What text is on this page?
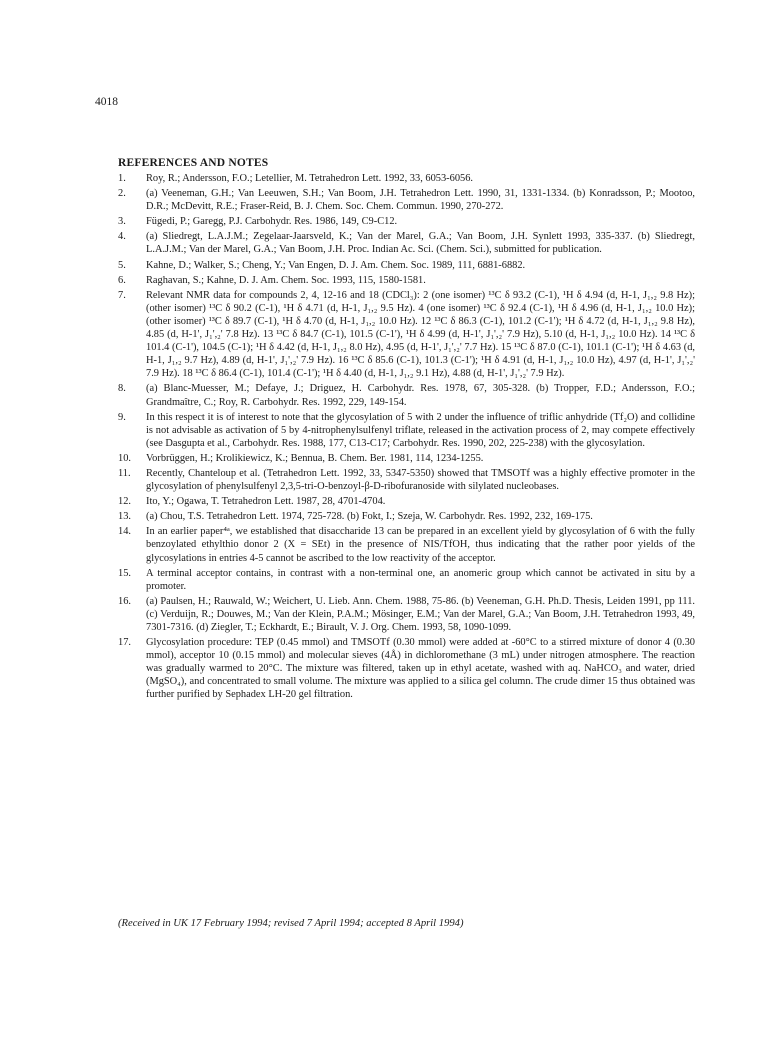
4018
REFERENCES AND NOTES
1.	Roy, R.; Andersson, F.O.; Letellier, M. Tetrahedron Lett. 1992, 33, 6053-6056.

2.	(a) Veeneman, G.H.; Van Leeuwen, S.H.; Van Boom, J.H. Tetrahedron Lett. 1990, 31, 1331-1334. (b) Konradsson, P.; Mootoo, D.R.; McDevitt, R.E.; Fraser-Reid, B. J. Chem. Soc. Chem. Commun. 1990, 270-272.

3.	Fügedi, P.; Garegg, P.J. Carbohydr. Res. 1986, 149, C9-C12.

4.	(a) Sliedregt, L.A.J.M.; Zegelaar-Jaarsveld, K.; Van der Marel, G.A.; Van Boom, J.H. Synlett 1993, 335-337. (b) Sliedregt, L.A.J.M.; Van der Marel, G.A.; Van Boom, J.H. Proc. Indian Ac. Sci. (Chem. Sci.), submitted for publication.

5.	Kahne, D.; Walker, S.; Cheng, Y.; Van Engen, D. J. Am. Chem. Soc. 1989, 111, 6881-6882.

6.	Raghavan, S.; Kahne, D. J. Am. Chem. Soc. 1993, 115, 1580-1581.

7.	Relevant NMR data for compounds 2, 4, 12-16 and 18 (CDCl₃): 2 (one isomer) ¹³C δ 93.2 (C-1), ¹H δ 4.94 (d, H-1, J₁,₂ 9.8 Hz); (other isomer) ¹³C δ 90.2 (C-1), ¹H δ 4.71 (d, H-1, J₁,₂ 9.5 Hz). 4 (one isomer) ¹³C δ 92.4 (C-1), ¹H δ 4.96 (d, H-1, J₁,₂ 10.0 Hz); (other isomer) ¹³C δ 89.7 (C-1), ¹H δ 4.70 (d, H-1, J₁,₂ 10.0 Hz). 12 ¹³C δ 86.3 (C-1), 101.2 (C-1'); ¹H δ 4.72 (d, H-1, J₁,₂ 9.8 Hz), 4.85 (d, H-1', J₁',₂' 7.8 Hz). 13 ¹³C δ 84.7 (C-1), 101.5 (C-1'), ¹H δ 4.99 (d, H-1', J₁',₂' 7.9 Hz), 5.10 (d, H-1, J₁,₂ 10.0 Hz). 14 ¹³C δ 101.4 (C-1'), 104.5 (C-1); ¹H δ 4.42 (d, H-1, J₁,₂ 8.0 Hz), 4.95 (d, H-1', J₁',₂' 7.7 Hz). 15 ¹³C δ 87.0 (C-1), 101.1 (C-1'); ¹H δ 4.63 (d, H-1, J₁,₂ 9.7 Hz), 4.89 (d, H-1', J₁',₂' 7.9 Hz). 16 ¹³C δ 85.6 (C-1), 101.3 (C-1'); ¹H δ 4.91 (d, H-1, J₁,₂ 10.0 Hz), 4.97 (d, H-1', J₁',₂' 7.9 Hz). 18 ¹³C δ 86.4 (C-1), 101.4 (C-1'); ¹H δ 4.40 (d, H-1, J₁,₂ 9.1 Hz), 4.88 (d, H-1', J₁',₂' 7.9 Hz).

8.	(a) Blanc-Muesser, M.; Defaye, J.; Driguez, H. Carbohydr. Res. 1978, 67, 305-328. (b) Tropper, F.D.; Andersson, F.O.; Grandmaître, C.; Roy, R. Carbohydr. Res. 1992, 229, 149-154.

9.	In this respect it is of interest to note that the glycosylation of 5 with 2 under the influence of triflic anhydride (Tf₂O) and collidine is not advisable as activation of 5 by 4-nitrophenylsulfenyl triflate, released in the activation process of 2, may compete effectively (see Dasgupta et al., Carbohydr. Res. 1988, 177, C13-C17; Carbohydr. Res. 1990, 202, 225-238) with the glycosylation.

10.	Vorbrüggen, H.; Krolikiewicz, K.; Bennua, B. Chem. Ber. 1981, 114, 1234-1255.

11.	Recently, Chanteloup et al. (Tetrahedron Lett. 1992, 33, 5347-5350) showed that TMSOTf was a highly effective promoter in the glycosylation of phenylsulfenyl 2,3,5-tri-O-benzoyl-β-D-ribofuranoside with silylated nucleobases.

12.	Ito, Y.; Ogawa, T. Tetrahedron Lett. 1987, 28, 4701-4704.

13.	(a) Chou, T.S. Tetrahedron Lett. 1974, 725-728. (b) Fokt, I.; Szeja, W. Carbohydr. Res. 1992, 232, 169-175.

14.	In an earlier paper⁴ᵃ, we established that disaccharide 13 can be prepared in an excellent yield by glycosylation of 6 with the fully benzoylated ethylthio donor 2 (X = SEt) in the presence of NIS/TfOH, thus indicating that the rather poor yields of the glycosylations in entries 4-5 cannot be ascribed to the low reactivity of the acceptor.

15.	A terminal acceptor contains, in contrast with a non-terminal one, an anomeric group which cannot be activated in situ by a promoter.

16.	(a) Paulsen, H.; Rauwald, W.; Weichert, U. Lieb. Ann. Chem. 1988, 75-86. (b) Veeneman, G.H. Ph.D. Thesis, Leiden 1991, pp 111. (c) Verduijn, R.; Douwes, M.; Van der Klein, P.A.M.; Mösinger, E.M.; Van der Marel, G.A.; Van Boom, J.H. Tetrahedron 1993, 49, 7301-7316. (d) Ziegler, T.; Eckhardt, E.; Birault, V. J. Org. Chem. 1993, 58, 1090-1099.

17.	Glycosylation procedure: TEP (0.45 mmol) and TMSOTf (0.30 mmol) were added at -60°C to a stirred mixture of donor 4 (0.30 mmol), acceptor 10 (0.15 mmol) and molecular sieves (4Å) in dichloromethane (3 mL) under nitrogen atmosphere. The reaction was gradually warmed to 20°C. The mixture was filtered, taken up in ethyl acetate, washed with aq. NaHCO₃ and water, dried (MgSO₄), and concentrated to small volume. The mixture was applied to a silica gel column. The crude dimer 15 thus obtained was further purified by Sephadex LH-20 gel filtration.

(Received in UK 17 February 1994; revised 7 April 1994; accepted 8 April 1994)
